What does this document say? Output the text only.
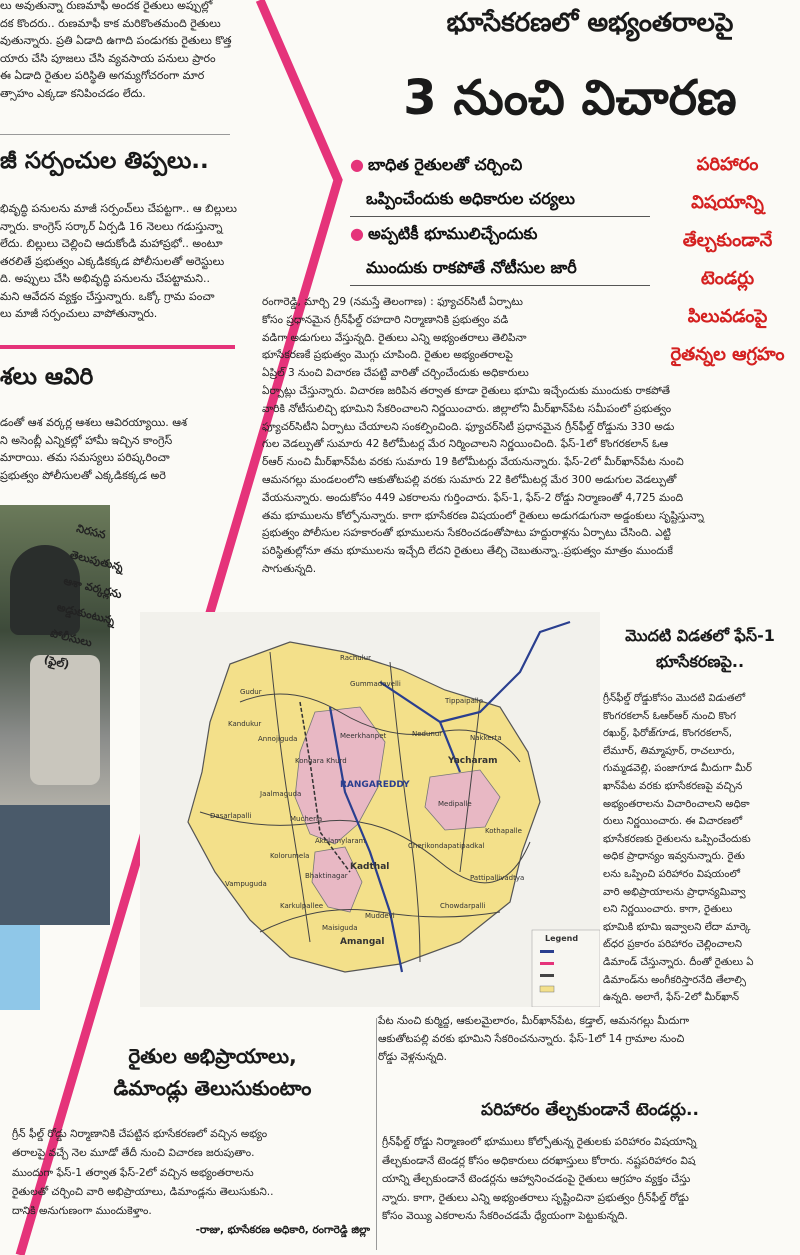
లు అవుతున్నా రుణమాఫీ అందక రైతులు అప్పుల్లో
దక కొందరు.. రుణమాఫీ కాక మరికొంతమంది రైతులు
వుతున్నారు. ప్రతి ఏడాది ఉగాది పండుగకు రైతులు కొత్త
యారు చేసి పూజలు చేసి వ్యవసాయ పనులు ప్రారం
ఈ ఏడాది రైతుల పరిస్థితి అగమ్యగోచరంగా మార
త్సాహం ఎక్కడా కనిపించడం లేదు.
జీ సర్పంచుల తిప్పలు..
భివృద్ధి పనులను మాజీ సర్పంచ్‌లు చేపట్టగా.. ఆ బిల్లులు
న్నారు. కాంగ్రెస్ సర్కార్ ఏర్పడి 16 నెలలు గడుస్తున్నా
లేదు. బిల్లులు చెల్లించి ఆదుకోండి మహాప్రభో.. అంటూ
తరలితే ప్రభుత్వం ఎక్కడికక్కడ పోలీసులతో అరెస్టులు
ది. అప్పులు చేసి అభివృద్ధి పనులను చేపట్టామని..
మని ఆవేదన వ్యక్తం చేస్తున్నారు. ఒక్కో గ్రామ పంచా
లు మాజీ సర్పంచులు వాపోతున్నారు.
శలు ఆవిరి
డంతో ఆశ వర్కర్ల ఆశలు ఆవిరయ్యాయి. ఆశ
ని అసెంబ్లీ ఎన్నికల్లో హామీ ఇచ్చిన కాంగ్రెస్
మారాయి. తమ సమస్యలు పరిష్కరించా
ప్రభుత్వం పోలీసులతో ఎక్కడికక్కడ అరె
నిరసన
తెలుపుతున్న
ఆశా వర్కర్లను
అడ్డుకుంటున్న
పోలీసులు
(ఫైల్)
భూసేకరణలో అభ్యంతరాలపై
3 నుంచి విచారణ
● బాధిత రైతులతో చర్చించి
ఒప్పించేందుకు అధికారుల చర్యలు
● అప్పటికీ భూములిచ్చేందుకు
ముందుకు రాకపోతే నోటీసుల జారీ
పరిహారం
విషయాన్ని
తేల్చకుండానే
టెండర్లు
పిలువడంపై
రైతన్నల ఆగ్రహం
రంగారెడ్డి, మార్చి 29 (నమస్తే తెలంగాణ) : ఫ్యూచర్‌సిటీ ఏర్పాటు
కోసం ప్రధానమైన గ్రీన్‌ఫీల్డ్ రహదారి నిర్మాణానికి ప్రభుత్వం వడి
వడిగా అడుగులు వేస్తున్నది. రైతులు ఎన్ని అభ్యంతరాలు తెలిపినా
భూసేకరణకే ప్రభుత్వం మొగ్గు చూపింది. రైతుల అభ్యంతరాలపై
ఏప్రిల్ 3 నుంచి విచారణ చేపట్టి వారితో చర్చించేందుకు అధికారులు
ఏర్పాట్లు చేస్తున్నారు. విచారణ జరిపిన తర్వాత కూడా రైతులు భూమి ఇచ్చేందుకు ముందుకు రాకపోతే
వారికి నోటీసులిచ్చి భూమిని సేకరించాలని నిర్ణయించారు. జిల్లాలోని మీర్‌ఖాన్‌పేట సమీపంలో ప్రభుత్వం
ఫ్యూచర్‌సిటీని ఏర్పాటు చేయాలని సంకల్పించింది. ఫ్యూచర్‌సిటీ ప్రధానమైన గ్రీన్‌ఫీల్డ్ రోడ్డును 330 అడు
గుల వెడల్పుతో సుమారు 42 కిలోమీటర్ల మేర నిర్మించాలని నిర్ణయించింది. ఫేస్-1లో కొంగరకలాన్ ఓఆ
ర్‌ఆర్ నుంచి మీర్‌ఖాన్‌పేట వరకు సుమారు 19 కిలోమీటర్లు వేయనున్నారు. ఫేస్-2లో మీర్‌ఖాన్‌పేట నుంచి
ఆమనగల్లు మండలంలోని ఆకుతోటపల్లి వరకు సుమారు 22 కిలోమీటర్ల మేర 300 అడుగుల వెడల్పుతో
వేయనున్నారు. అందుకోసం 449 ఎకరాలను గుర్తించారు. ఫేస్-1, ఫేస్-2 రోడ్డు నిర్మాణంతో 4,725 మంది
తమ భూములను కోల్పోనున్నారు. కాగా భూసేకరణ విషయంలో రైతులు అడుగడుగునా అడ్డంకులు సృష్టిస్తున్నా
ప్రభుత్వం పోలీసుల సహకారంతో భూములను సేకరించడంతోపాటు హద్దురాళ్లను ఏర్పాటు చేసింది. ఎట్టి
పరిస్థితుల్లోనూ తమ భూములను ఇచ్చేది లేదని రైతులు తేల్చి చెబుతున్నా..ప్రభుత్వం మాత్రం ముందుకే
సాగుతున్నది.
Legend
Rachulur
Gudur
Gummadavelli
Kandukur
Annojiguda
Kongara Khurd
Nedunur
Tippaipalle
Dasarlapalli
Jaalmaguda
Meerkhanpet
Mucherla
Akulamylaram
RANGAREDDY
Yacharam
Nakkerta
Medipalle
Kothapalle
Kadthal
Muddevi
Cherikondapatipadkal
Pattipallivadtya
Amangal
Vampuguda
Karkulpallee
Maisiguda
Bhaktinagar
Chowdarpalli
Kolorumela
మొదటి విడతలో ఫేస్-1
భూసేకరణపై..
గ్రీన్‌ఫీల్డ్ రోడ్డుకోసం మొదటి విడుతలో
కొంగరకలాన్ ఓఆర్ఆర్ నుంచి కొంగ
రఖుర్ద్, ఫిరోజ్‌గూడ, కొంగరకలాన్,
లేమూర్, తిమ్మాపూర్, రాచలూరు,
గుమ్మడవెల్లి, పంజాగూడ మీదుగా మీర్
ఖాన్‌పేట వరకు భూసేకరణపై వచ్చిన
అభ్యంతరాలను విచారించాలని అధికా
రులు నిర్ణయించారు. ఈ విచారణలో
భూసేకరణకు రైతులను ఒప్పించేందుకు
అధిక ప్రాధాన్యం ఇవ్వనున్నారు. రైతు
లను ఒప్పించి పరిహారం విషయంలో
వారి అభిప్రాయాలను ప్రాధాన్యమివ్వా
లని నిర్ణయించారు. కాగా, రైతులు
భూమికి భూమి ఇవ్వాలని లేదా మార్కె
ట్‌ధర ప్రకారం పరిహారం చెల్లించాలని
డిమాండ్ చేస్తున్నారు. దీంతో రైతులు ఏ
డిమాండ్‌ను అంగీకరిస్తారనేది తేలాల్సి
ఉన్నది. అలాగే, ఫేస్-2లో మీర్‌ఖాన్
పేట నుంచి కుర్మిద్ద, ఆకులమైలారం, మీర్‌ఖాన్‌పేట, కడ్తాల్, ఆమనగల్లు మీదుగా
ఆకుతోటపల్లి వరకు భూమిని సేకరించనున్నారు. ఫేస్-1లో 14 గ్రామాల నుంచి
రోడ్డు వెళ్లనున్నది.
పరిహారం తేల్చకుండానే టెండర్లు..
గ్రీన్‌ఫీల్డ్ రోడ్డు నిర్మాణంలో భూములు కోల్పోతున్న రైతులకు పరిహారం విషయాన్ని
తేల్చకుండానే టెండర్ల కోసం అధికారులు దరఖాస్తులు కోరారు. నష్టపరిహారం విష
యాన్ని తేల్చకుండానే టెండర్లను ఆహ్వానించడంపై రైతులు ఆగ్రహం వ్యక్తం చేస్తు
న్నారు. కాగా, రైతులు ఎన్ని అభ్యంతరాలు సృష్టించినా ప్రభుత్వం గ్రీన్‌ఫీల్డ్ రోడ్డు
కోసం వెయ్యి ఎకరాలను సేకరించడమే ధ్యేయంగా పెట్టుకున్నది.
రైతుల అభిప్రాయాలు,
డిమాండ్లు తెలుసుకుంటాం
గ్రీన్ ఫీల్డ్ రోడ్డు నిర్మాణానికి చేపట్టిన భూసేకరణలో వచ్చిన అభ్యం
తరాలపై వచ్చే నెల మూడో తేదీ నుంచి విచారణ జరుపుతాం.
ముందుగా ఫేస్-1 తర్వాత ఫేస్-2లో వచ్చిన అభ్యంతరాలను
రైతులతో చర్చించి వారి అభిప్రాయాలు, డిమాండ్లను తెలుసుకుని..
దానికి అనుగుణంగా ముందుకెళ్తాం.
-రాజు, భూసేకరణ అధికారి, రంగారెడ్డి జిల్లా
